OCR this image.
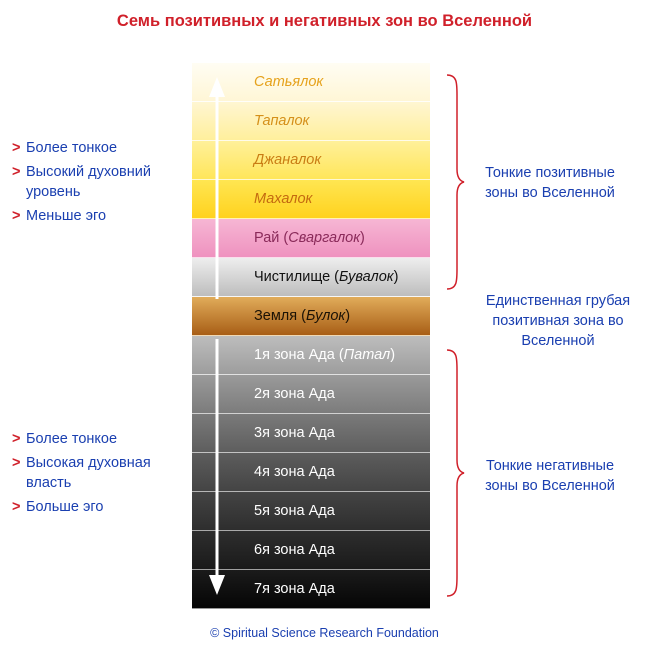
Семь позитивных и негативных зон во Вселенной
Сатьялок
Тапалок
Джаналок
Махалок
Рай ( Сваргалок )
Чистилище ( Бувалок )
Земля ( Булок )
1я зона Ада ( Патал )
2я зона Ада
3я зона Ада
4я зона Ада
5я зона Ада
6я зона Ада
7я зона Ада
> Более тонкое
> Высокий духовний уровень
> Меньше эго
> Более тонкое
> Высокая духовная власть
> Больше эго
Тонкие позитивные зоны во Вселенной
Единственная грубая позитивная зона во Вселенной
Тонкие негативные зоны во Вселенной
© Spiritual Science Research Foundation
